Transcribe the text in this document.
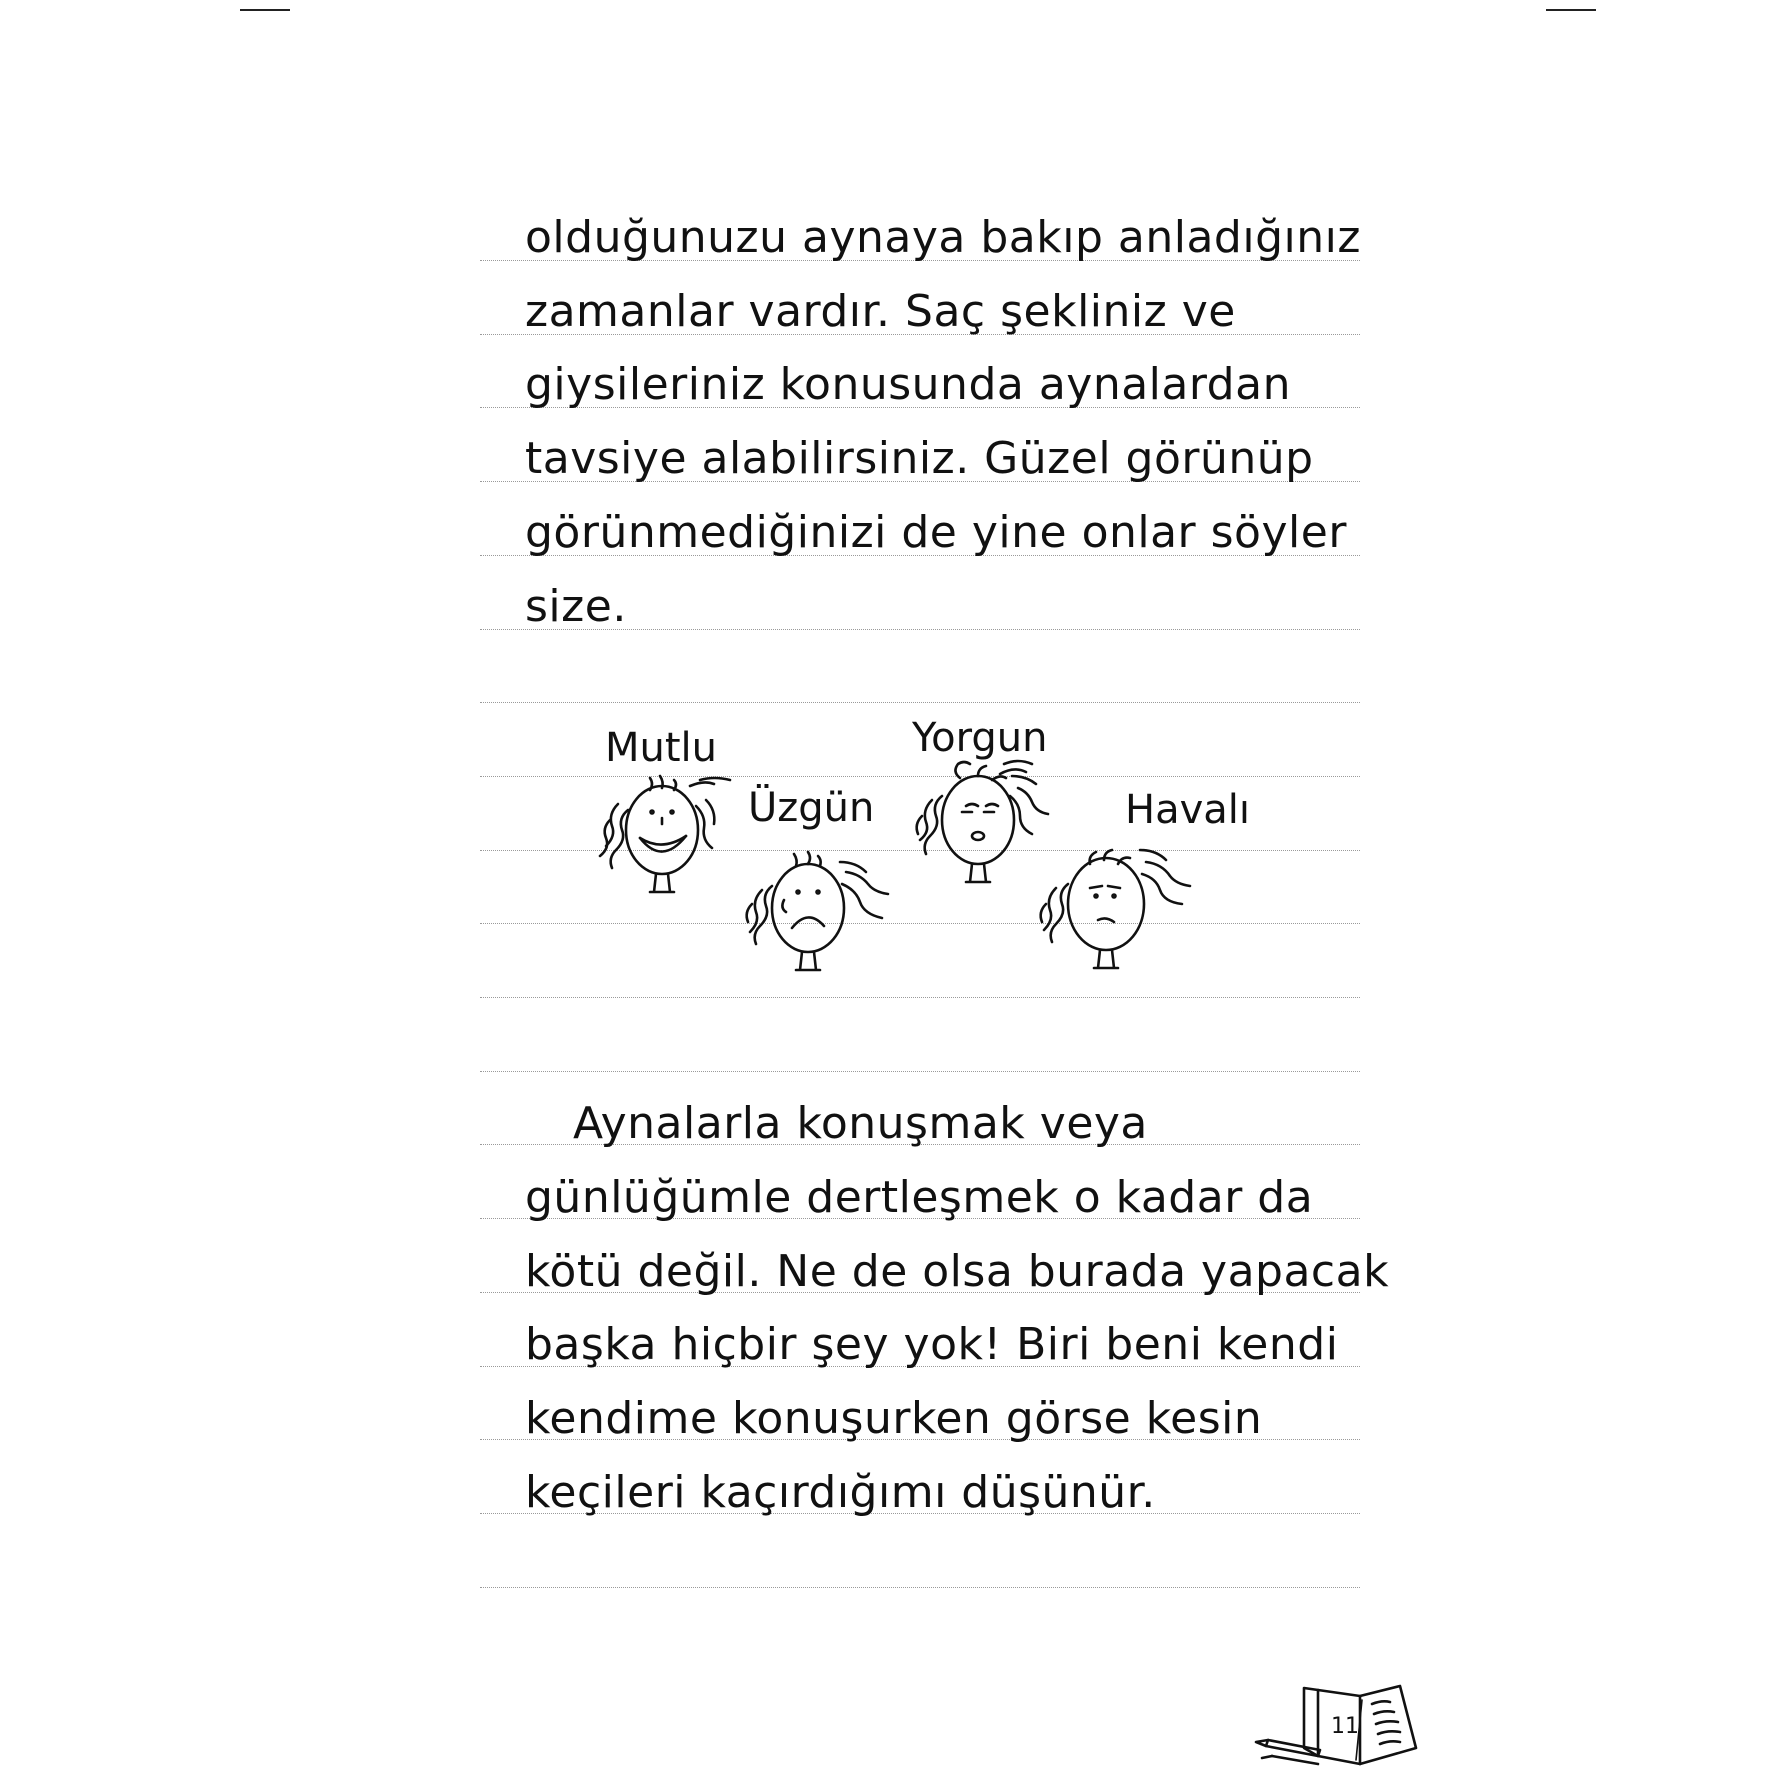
olduğunuzu aynaya bakıp anladığınız
zamanlar vardır. Saç şekliniz ve
giysileriniz konusunda aynalardan
tavsiye alabilirsiniz. Güzel görünüp
görünmediğinizi de yine onlar söyler
size.
Mutlu
Üzgün
Yorgun
Havalı
Aynalarla konuşmak veya
günlüğümle dertleşmek o kadar da
kötü değil. Ne de olsa burada yapacak
başka hiçbir şey yok! Biri beni kendi
kendime konuşurken görse kesin
keçileri kaçırdığımı düşünür.
11
